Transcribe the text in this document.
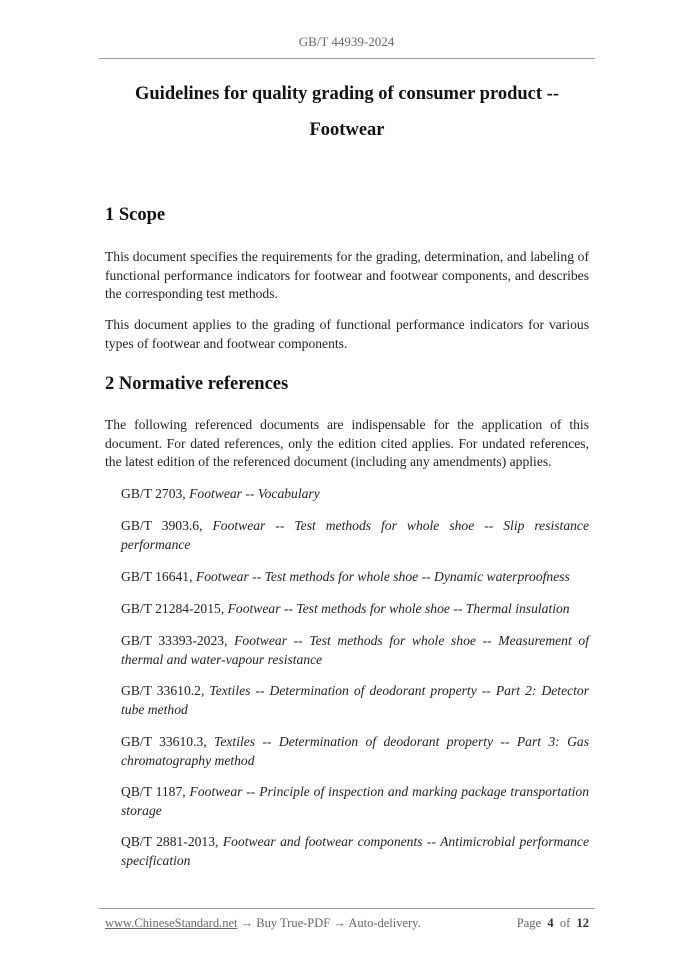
GB/T 44939-2024
Guidelines for quality grading of consumer product --
Footwear
1 Scope
This document specifies the requirements for the grading, determination, and labeling of functional performance indicators for footwear and footwear components, and describes the corresponding test methods.
This document applies to the grading of functional performance indicators for various types of footwear and footwear components.
2 Normative references
The following referenced documents are indispensable for the application of this document. For dated references, only the edition cited applies. For undated references, the latest edition of the referenced document (including any amendments) applies.
GB/T 2703, Footwear -- Vocabulary
GB/T 3903.6, Footwear -- Test methods for whole shoe -- Slip resistance performance
GB/T 16641, Footwear -- Test methods for whole shoe -- Dynamic waterproofness
GB/T 21284-2015, Footwear -- Test methods for whole shoe -- Thermal insulation
GB/T 33393-2023, Footwear -- Test methods for whole shoe -- Measurement of thermal and water-vapour resistance
GB/T 33610.2, Textiles -- Determination of deodorant property -- Part 2: Detector tube method
GB/T 33610.3, Textiles -- Determination of deodorant property -- Part 3: Gas chromatography method
QB/T 1187, Footwear -- Principle of inspection and marking package transportation storage
QB/T 2881-2013, Footwear and footwear components -- Antimicrobial performance specification
www.ChineseStandard.net → Buy True-PDF → Auto-delivery.	Page 4 of 12
